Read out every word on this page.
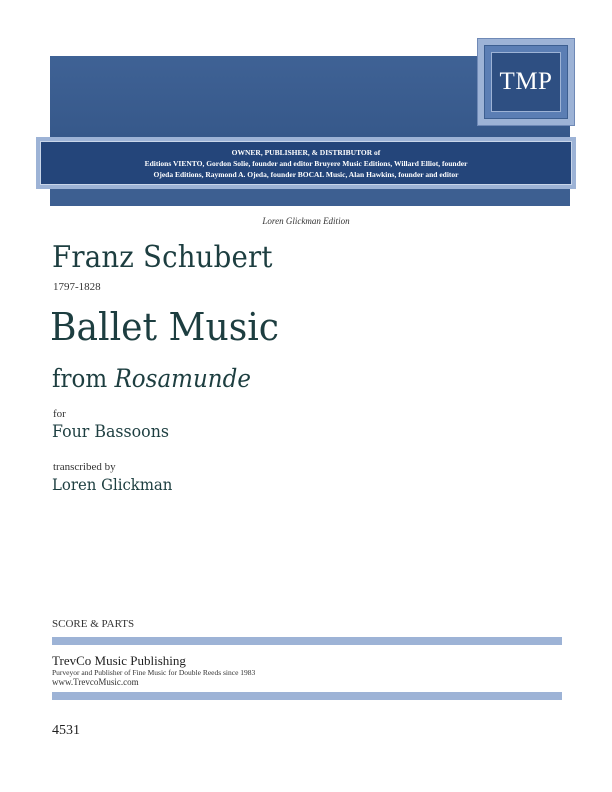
TMP
OWNER, PUBLISHER, & DISTRIBUTOR of
Editions VIENTO, Gordon Solie, founder and editor Bruyere Music Editions, Willard Elliot, founder
Ojeda Editions, Raymond A. Ojeda, founder BOCAL Music, Alan Hawkins, founder and editor
Loren Glickman Edition
Franz Schubert
1797-1828
Ballet Music
from Rosamunde
for
Four Bassoons
transcribed by
Loren Glickman
SCORE & PARTS
TrevCo Music Publishing
Purveyor and Publisher of Fine Music for Double Reeds since 1983
www.TrevcoMusic.com
4531
